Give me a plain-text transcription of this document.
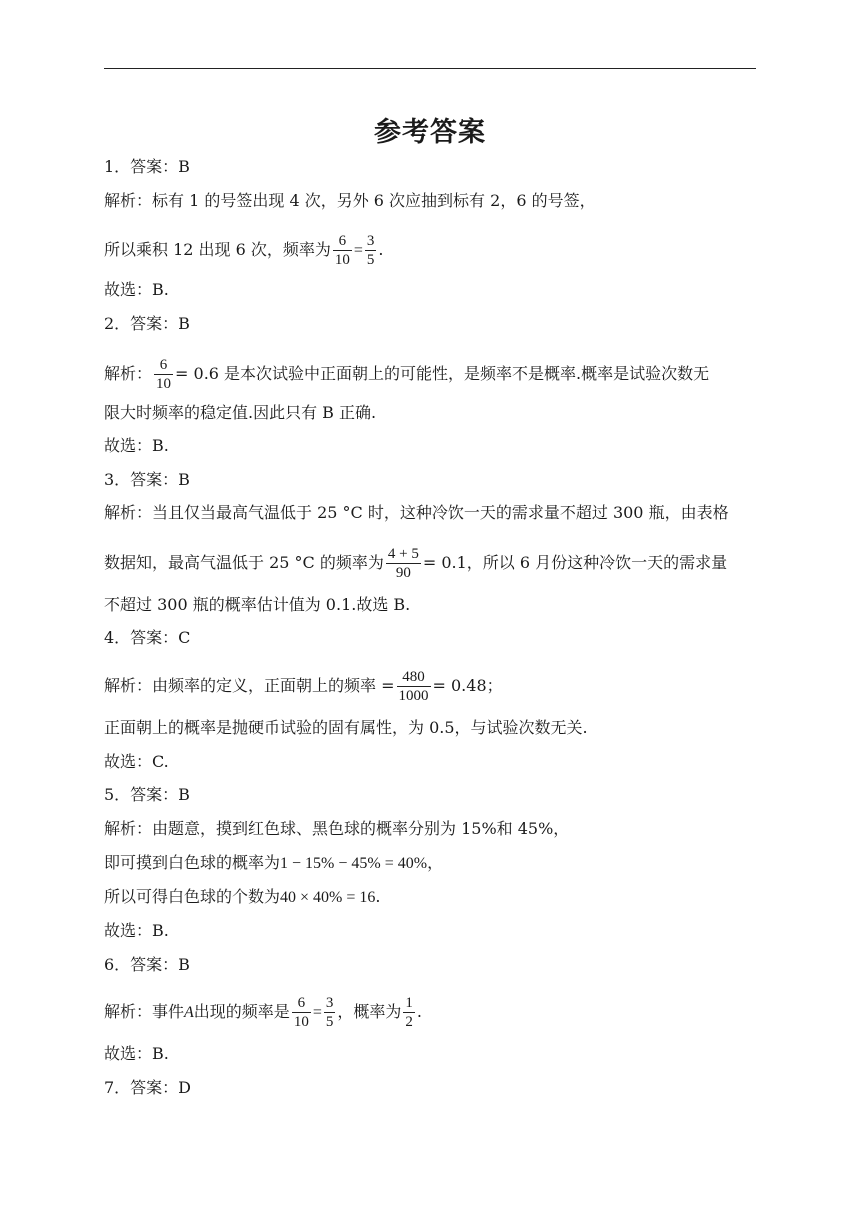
参考答案
1．答案：B
解析：标有 1 的号签出现 4 次，另外 6 次应抽到标有 2，6 的号签，
所以乘积 12 出现 6 次，频率为 $\frac{6}{10} = \frac{3}{5}$ .
故选：B.
2．答案：B
解析： $\frac{6}{10} = 0.6$ 是本次试验中正面朝上的可能性，是频率不是概率.概率是试验次数无
限大时频率的稳定值.因此只有 B 正确.
故选：B.
3．答案：B
解析：当且仅当最高气温低于 25 °C 时，这种冷饮一天的需求量不超过 300 瓶，由表格
数据知，最高气温低于 25 °C 的频率为 $\frac{4 + 5}{90} = 0.1$，所以 6 月份这种冷饮一天的需求量
不超过 300 瓶的概率估计值为 0.1.故选 B.
4．答案：C
解析：由频率的定义，正面朝上的频率 = $\frac{480}{1000} = 0.48$；
正面朝上的概率是抛硬币试验的固有属性，为 0.5，与试验次数无关.
故选：C.
5．答案：B
解析：由题意，摸到红色球、黑色球的概率分别为 15%和 45%，
即可摸到白色球的概率为1 − 15% − 45% = 40%，
所以可得白色球的个数为40 × 40% = 16.
故选：B.
6．答案：B
解析：事件A出现的频率是 $\frac{6}{10} = \frac{3}{5}$ ，概率为 $\frac{1}{2}$ .
故选：B.
7．答案：D
